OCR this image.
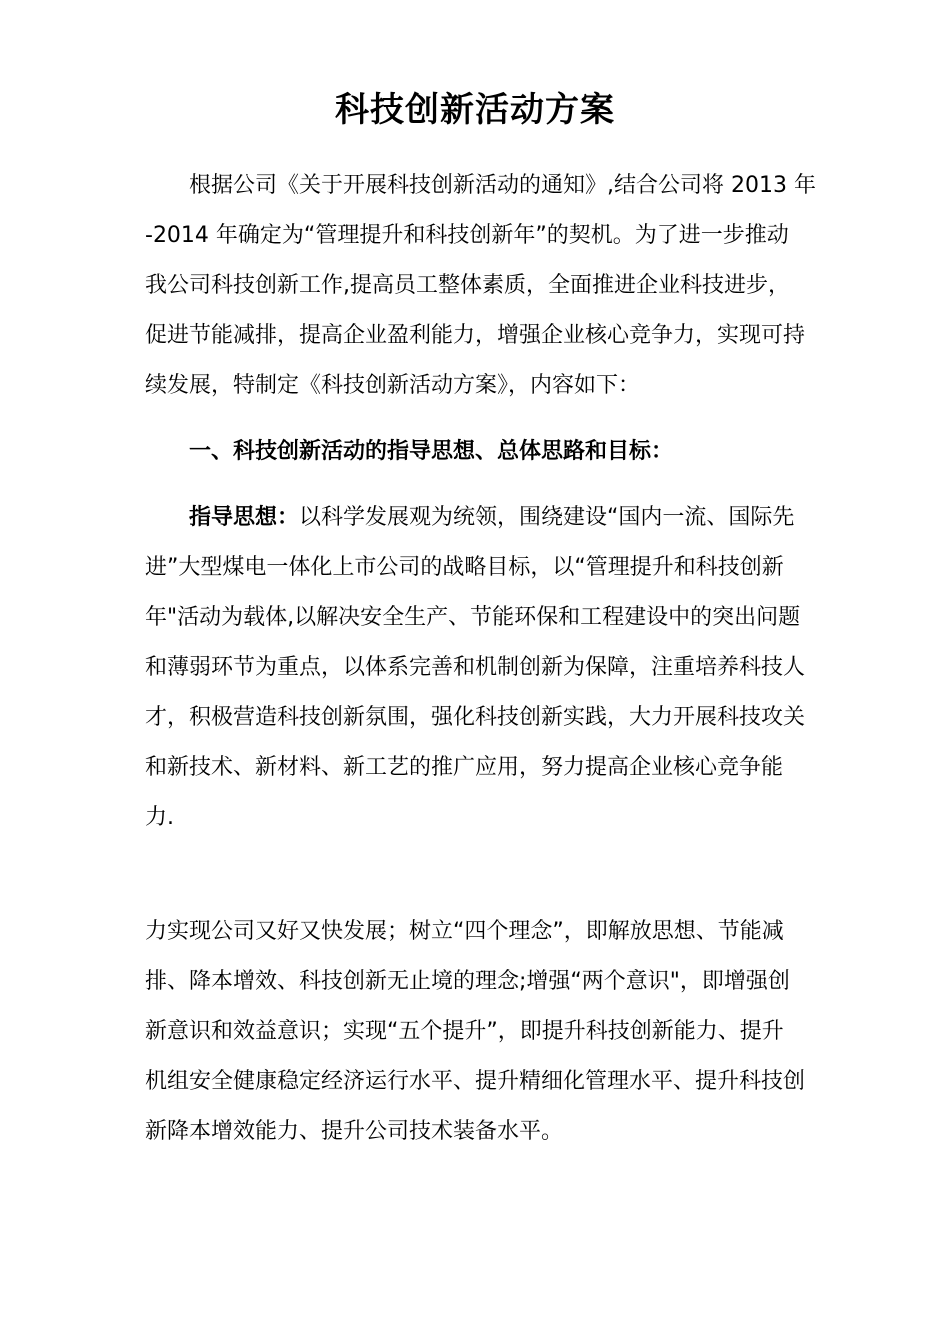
科技创新活动方案
根据公司《关于开展科技创新活动的通知》,结合公司将 2013 年
-2014 年确定为“管理提升和科技创新年”的契机。为了进一步推动
我公司科技创新工作,提高员工整体素质，全面推进企业科技进步，
促进节能减排，提高企业盈利能力，增强企业核心竞争力，实现可持
续发展，特制定《科技创新活动方案》，内容如下：
一、科技创新活动的指导思想、总体思路和目标：
指导思想：以科学发展观为统领，围绕建设“国内一流、国际先
进”大型煤电一体化上市公司的战略目标，以“管理提升和科技创新
年"活动为载体,以解决安全生产、节能环保和工程建设中的突出问题
和薄弱环节为重点，以体系完善和机制创新为保障，注重培养科技人
才，积极营造科技创新氛围，强化科技创新实践，大力开展科技攻关
和新技术、新材料、新工艺的推广应用，努力提高企业核心竞争能
力.

力实现公司又好又快发展；树立“四个理念”，即解放思想、节能减
排、降本增效、科技创新无止境的理念;增强“两个意识"，即增强创
新意识和效益意识；实现“五个提升”，即提升科技创新能力、提升
机组安全健康稳定经济运行水平、提升精细化管理水平、提升科技创
新降本增效能力、提升公司技术装备水平。
